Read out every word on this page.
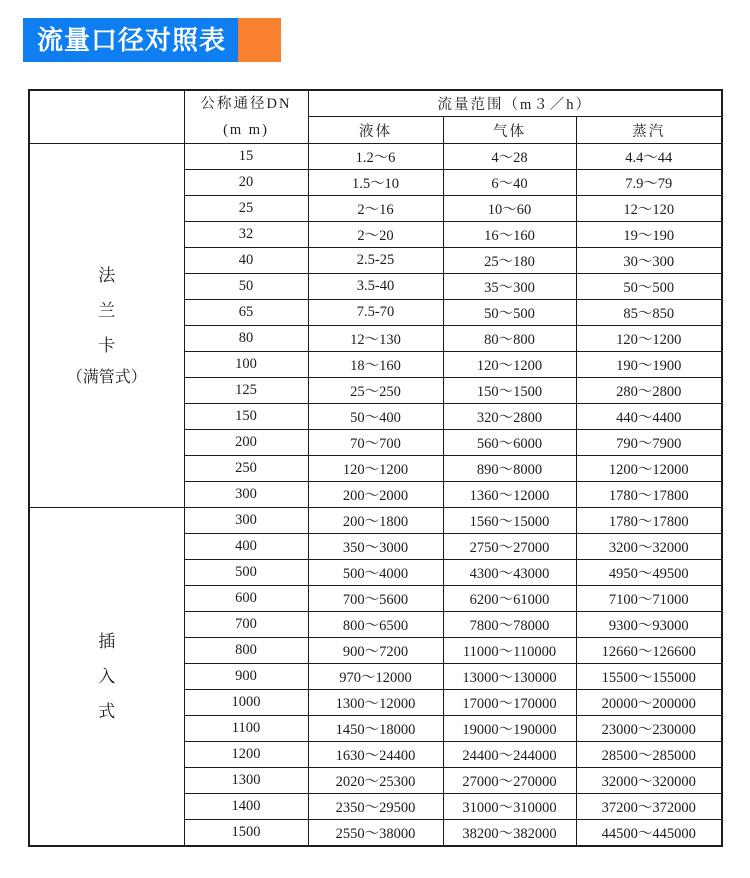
流量口径对照表

	公称通径DN
(m m)	流量范围（m３／h）		
		液体	气体	蒸汽

法
兰
卡
（满管式）	15	1.2～6	4～28	4.4～44
	20	1.5～10	6～40	7.9～79
	25	2～16	10～60	12～120
	32	2～20	16～160	19～190
	40	2.5-25	25～180	30～300
	50	3.5-40	35～300	50～500
	65	7.5-70	50～500	85～850
	80	12～130	80～800	120～1200
	100	18～160	120～1200	190～1900
	125	25～250	150～1500	280～2800
	150	50～400	320～2800	440～4400
	200	70～700	560～6000	790～7900
	250	120～1200	890～8000	1200～12000
	300	200～2000	1360～12000	1780～17800

插
入
式	300	200～1800	1560～15000	1780～17800
	400	350～3000	2750～27000	3200～32000
	500	500～4000	4300～43000	4950～49500
	600	700～5600	6200～61000	7100～71000
	700	800～6500	7800～78000	9300～93000
	800	900～7200	11000～110000	12660～126600
	900	970～12000	13000～130000	15500～155000
	1000	1300～12000	17000～170000	20000～200000
	1100	1450～18000	19000～190000	23000～230000
	1200	1630～24400	24400～244000	28500～285000
	1300	2020～25300	27000～270000	32000～320000
	1400	2350～29500	31000～310000	37200～372000
	1500	2550～38000	38200～382000	44500～445000
